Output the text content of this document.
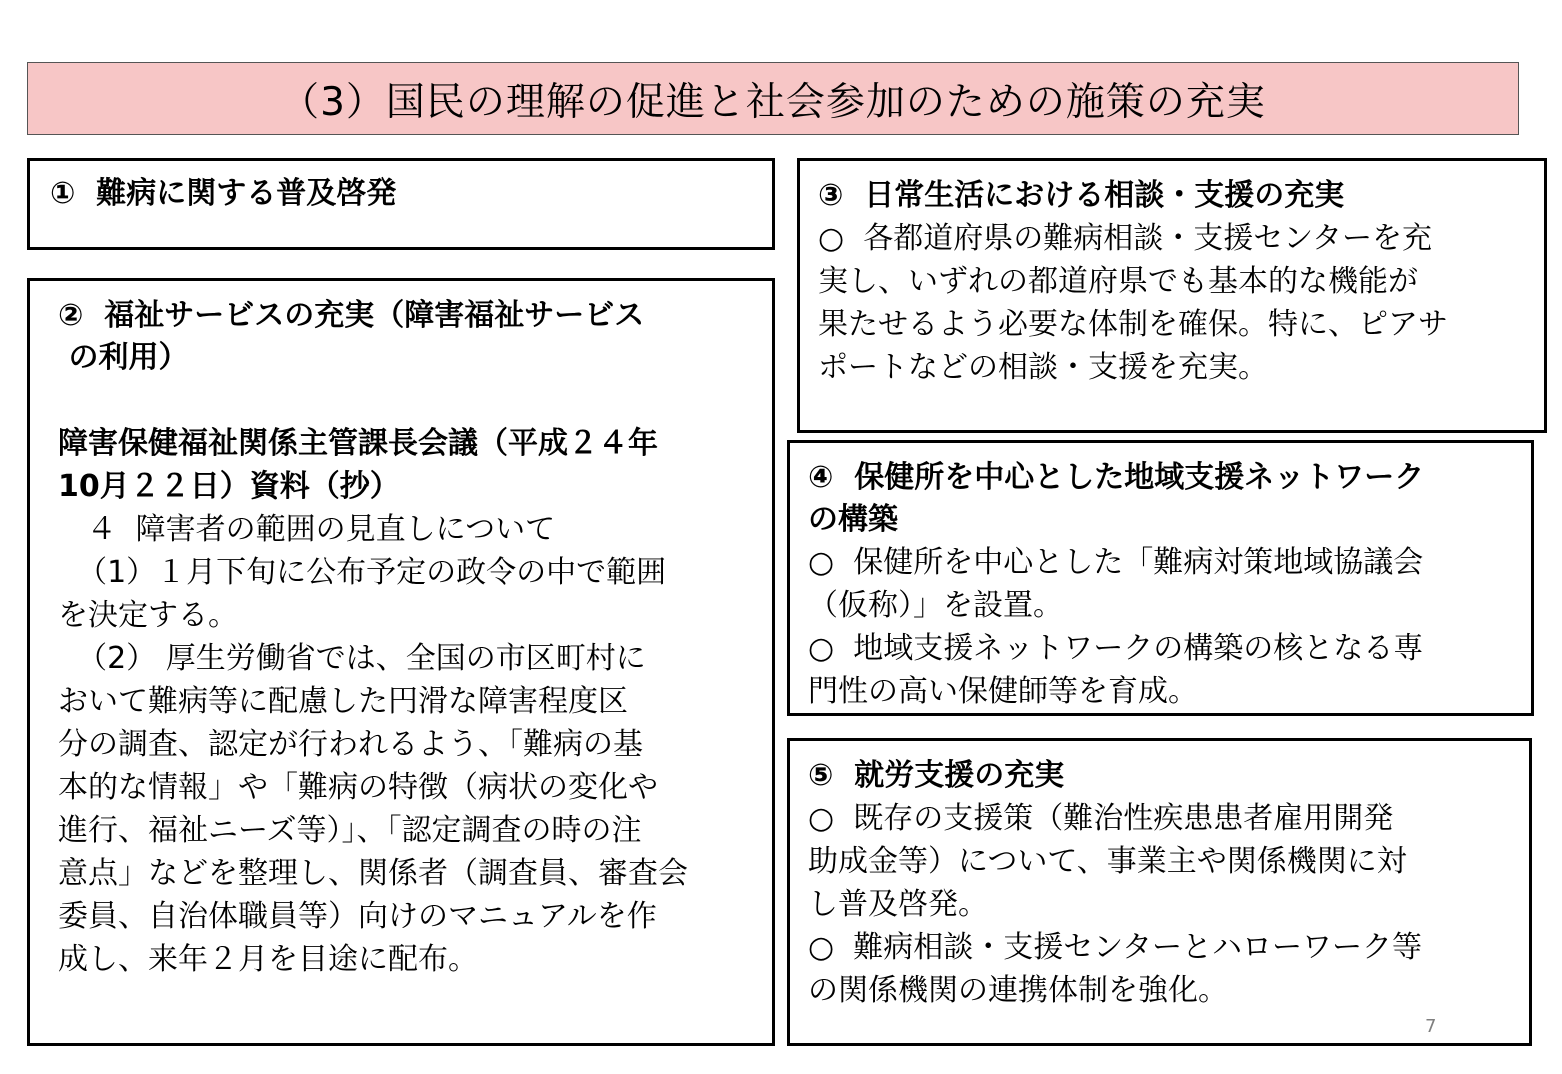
（3）国民の理解の促進と社会参加のための施策の充実
①  難病に関する普及啓発
②  福祉サービスの充実（障害福祉サービス
の利用）
障害保健福祉関係主管課長会議（平成２４年
10月２２日）資料（抄）
４  障害者の範囲の見直しについて
（1）１月下旬に公布予定の政令の中で範囲
を決定する。
（2） 厚生労働省では、全国の市区町村に
おいて難病等に配慮した円滑な障害程度区
分の調査、認定が行われるよう、「難病の基
本的な情報」や「難病の特徴（病状の変化や
進行、福祉ニーズ等）」、「認定調査の時の注
意点」などを整理し、関係者（調査員、審査会
委員、自治体職員等）向けのマニュアルを作
成し、来年２月を目途に配布。
③  日常生活における相談・支援の充実
○  各都道府県の難病相談・支援センターを充
実し、いずれの都道府県でも基本的な機能が
果たせるよう必要な体制を確保。特に、ピアサ
ポートなどの相談・支援を充実。
④  保健所を中心とした地域支援ネットワーク
の構築
○  保健所を中心とした「難病対策地域協議会
（仮称）」を設置。
○  地域支援ネットワークの構築の核となる専
門性の高い保健師等を育成。
⑤  就労支援の充実
○  既存の支援策（難治性疾患患者雇用開発
助成金等）について、事業主や関係機関に対
し普及啓発。
○  難病相談・支援センターとハローワーク等
の関係機関の連携体制を強化。
7
